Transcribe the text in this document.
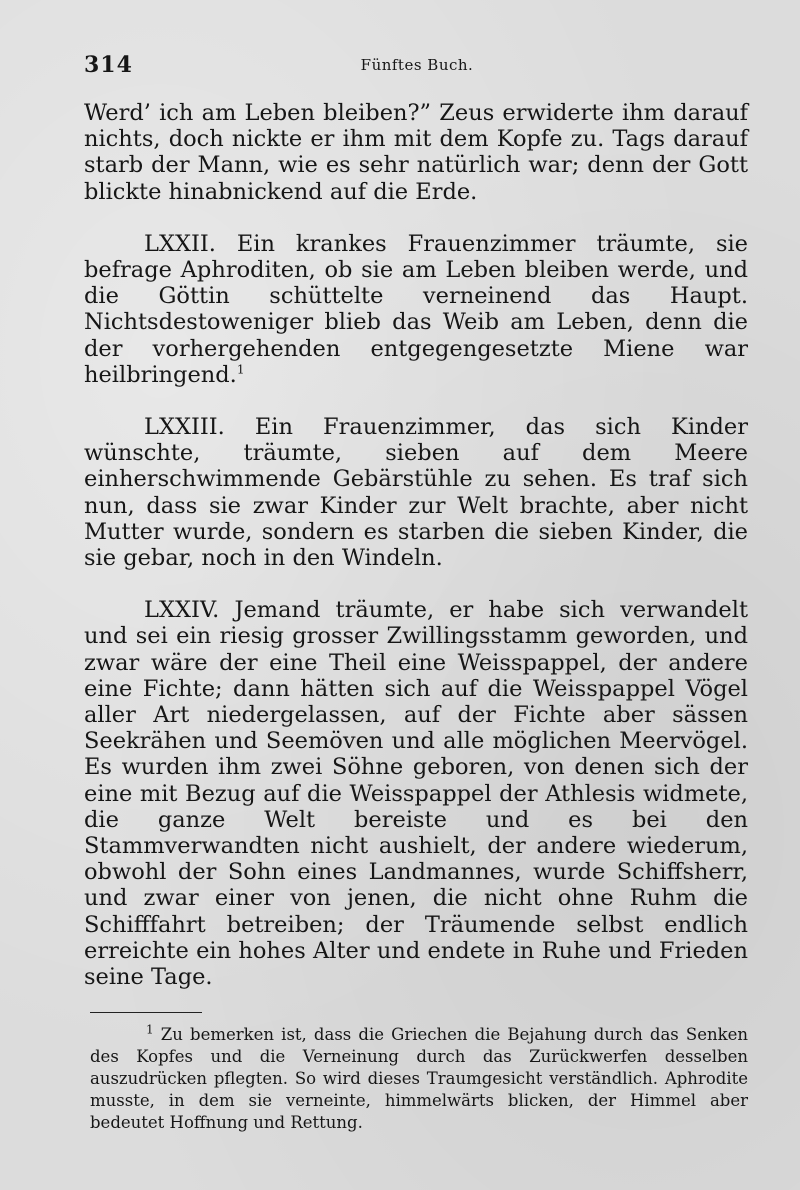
314	Fünftes Buch.

Werd’ ich am Leben bleiben?” Zeus erwiderte ihm darauf nichts, doch nickte er ihm mit dem Kopfe zu. Tags darauf starb der Mann, wie es sehr natürlich war; denn der Gott blickte hinabnickend auf die Erde.

LXXII. Ein krankes Frauenzimmer träumte, sie befrage Aphroditen, ob sie am Leben bleiben werde, und die Göttin schüttelte verneinend das Haupt. Nichtsdestoweniger blieb das Weib am Leben, denn die der vorhergehenden entgegengesetzte Miene war heilbringend.$^1$

LXXIII. Ein Frauenzimmer, das sich Kinder wünschte, träumte, sieben auf dem Meere einherschwimmende Gebärstühle zu sehen. Es traf sich nun, dass sie zwar Kinder zur Welt brachte, aber nicht Mutter wurde, sondern es starben die sieben Kinder, die sie gebar, noch in den Windeln.

LXXIV. Jemand träumte, er habe sich verwandelt und sei ein riesig grosser Zwillingsstamm geworden, und zwar wäre der eine Theil eine Weisspappel, der andere eine Fichte; dann hätten sich auf die Weisspappel Vögel aller Art niedergelassen, auf der Fichte aber sässen Seekrähen und Seemöven und alle möglichen Meervögel. Es wurden ihm zwei Söhne geboren, von denen sich der eine mit Bezug auf die Weisspappel der Athlesis widmete, die ganze Welt bereiste und es bei den Stammverwandten nicht aushielt, der andere wiederum, obwohl der Sohn eines Landmannes, wurde Schiffsherr, und zwar einer von jenen, die nicht ohne Ruhm die Schifffahrt betreiben; der Träumende selbst endlich erreichte ein hohes Alter und endete in Ruhe und Frieden seine Tage.

$^1$ Zu bemerken ist, dass die Griechen die Bejahung durch das Senken des Kopfes und die Verneinung durch das Zurückwerfen desselben auszudrücken pflegten. So wird dieses Traumgesicht verständlich. Aphrodite musste, in dem sie verneinte, himmelwärts blicken, der Himmel aber bedeutet Hoffnung und Rettung.
